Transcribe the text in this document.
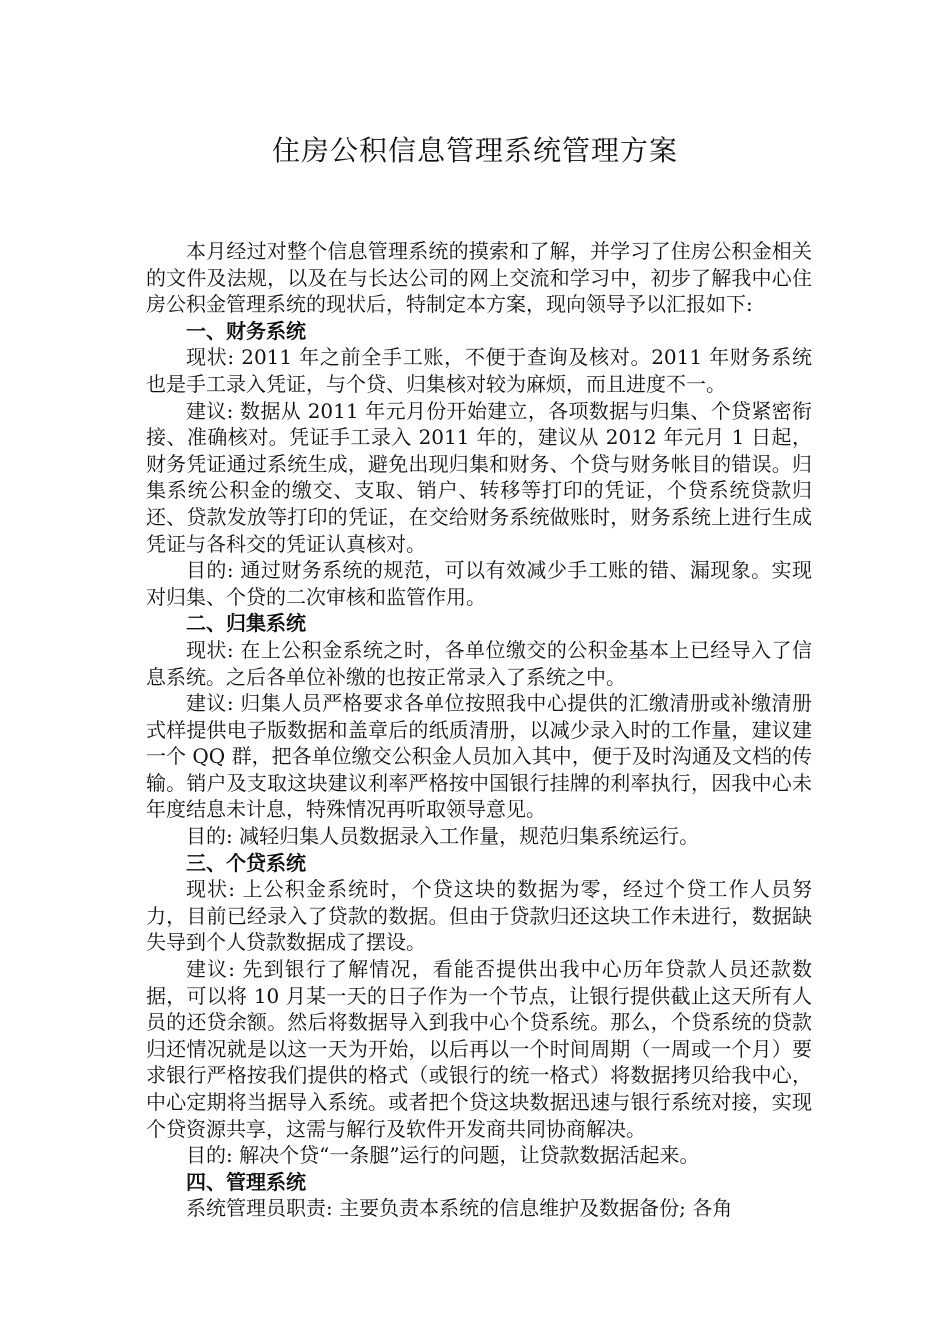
住房公积信息管理系统管理方案

本月经过对整个信息管理系统的摸索和了解，并学习了住房公积金相关的文件及法规，以及在与长达公司的网上交流和学习中，初步了解我中心住房公积金管理系统的现状后，特制定本方案，现向领导予以汇报如下:

一、财务系统

现状: 2011 年之前全手工账，不便于查询及核对。2011 年财务系统也是手工录入凭证，与个贷、归集核对较为麻烦，而且进度不一。

建议: 数据从 2011 年元月份开始建立，各项数据与归集、个贷紧密衔接、准确核对。凭证手工录入 2011 年的，建议从 2012 年元月 1 日起，财务凭证通过系统生成，避免出现归集和财务、个贷与财务帐目的错误。归集系统公积金的缴交、支取、销户、转移等打印的凭证，个贷系统贷款归还、贷款发放等打印的凭证，在交给财务系统做账时，财务系统上进行生成凭证与各科交的凭证认真核对。

目的: 通过财务系统的规范，可以有效减少手工账的错、漏现象。实现对归集、个贷的二次审核和监管作用。

二、归集系统

现状: 在上公积金系统之时，各单位缴交的公积金基本上已经导入了信息系统。之后各单位补缴的也按正常录入了系统之中。

建议: 归集人员严格要求各单位按照我中心提供的汇缴清册或补缴清册式样提供电子版数据和盖章后的纸质清册，以减少录入时的工作量，建议建一个 QQ 群，把各单位缴交公积金人员加入其中，便于及时沟通及文档的传输。销户及支取这块建议利率严格按中国银行挂牌的利率执行，因我中心未年度结息未计息，特殊情况再听取领导意见。

目的: 减轻归集人员数据录入工作量，规范归集系统运行。

三、个贷系统

现状: 上公积金系统时，个贷这块的数据为零，经过个贷工作人员努力，目前已经录入了贷款的数据。但由于贷款归还这块工作未进行，数据缺失导到个人贷款数据成了摆设。

建议: 先到银行了解情况，看能否提供出我中心历年贷款人员还款数据，可以将 10 月某一天的日子作为一个节点，让银行提供截止这天所有人员的还贷余额。然后将数据导入到我中心个贷系统。那么，个贷系统的贷款归还情况就是以这一天为开始，以后再以一个时间周期（一周或一个月）要求银行严格按我们提供的格式（或银行的统一格式）将数据拷贝给我中心，中心定期将当据导入系统。或者把个贷这块数据迅速与银行系统对接，实现个贷资源共享，这需与解行及软件开发商共同协商解决。

目的: 解决个贷“一条腿”运行的问题，让贷款数据活起来。

四、管理系统

系统管理员职责: 主要负责本系统的信息维护及数据备份; 各角
